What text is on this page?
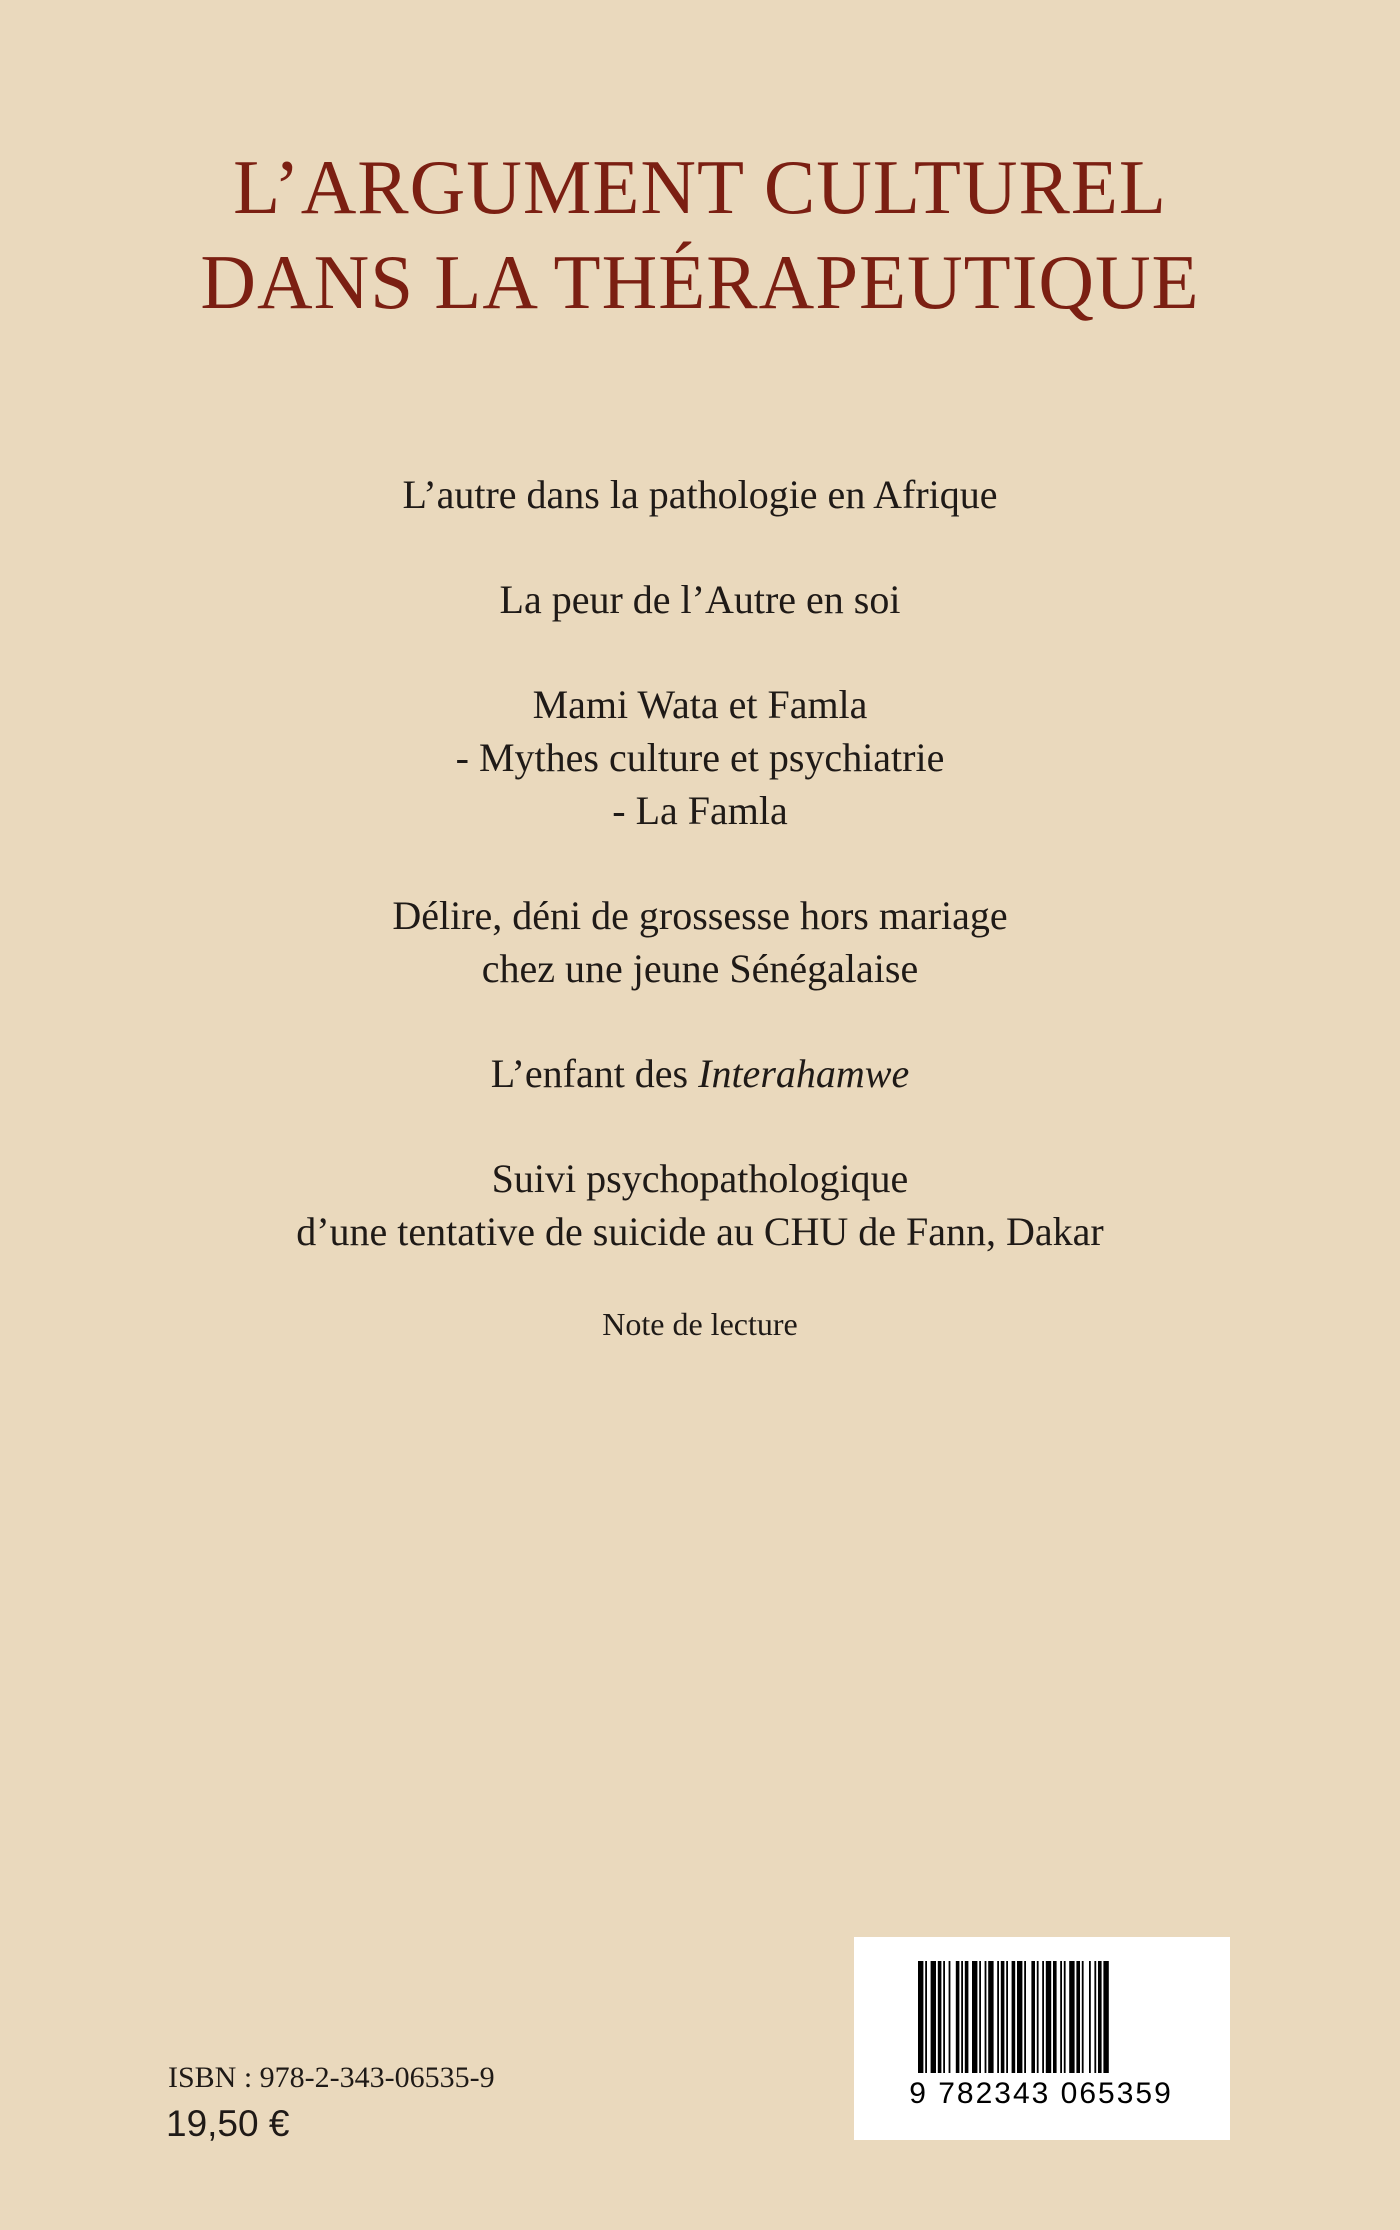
L’ARGUMENT CULTUREL
DANS LA THÉRAPEUTIQUE
L’autre dans la pathologie en Afrique
La peur de l’Autre en soi
Mami Wata et Famla
- Mythes culture et psychiatrie
- La Famla
Délire, déni de grossesse hors mariage
chez une jeune Sénégalaise
L’enfant des Interahamwe
Suivi psychopathologique
d’une tentative de suicide au CHU de Fann, Dakar
Note de lecture
ISBN : 978-2-343-06535-9
19,50 €
9 782343 065359
